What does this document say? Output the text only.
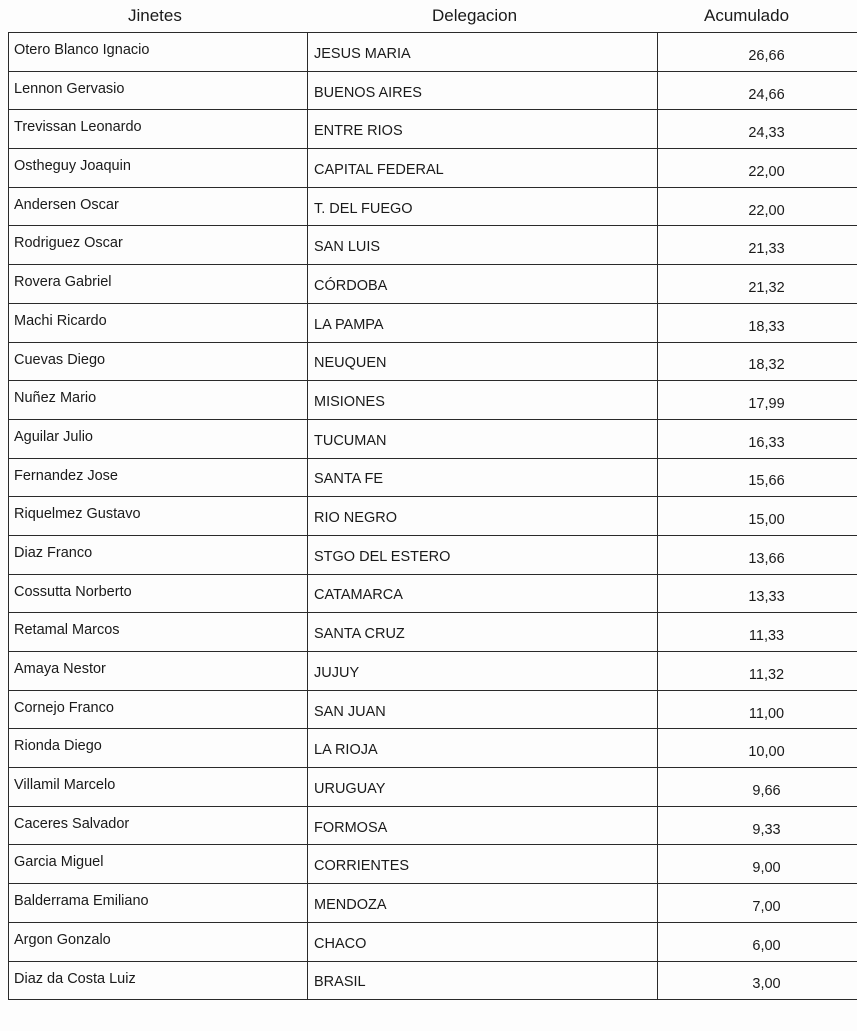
Jinetes	Delegacion	Acumulado
Otero Blanco Ignacio	JESUS MARIA	26,66
Lennon Gervasio	BUENOS AIRES	24,66
Trevissan Leonardo	ENTRE RIOS	24,33
Ostheguy Joaquin	CAPITAL FEDERAL	22,00
Andersen Oscar	T. DEL FUEGO	22,00
Rodriguez Oscar	SAN LUIS	21,33
Rovera Gabriel	CÓRDOBA	21,32
Machi Ricardo	LA PAMPA	18,33
Cuevas Diego	NEUQUEN	18,32
Nuñez Mario	MISIONES	17,99
Aguilar Julio	TUCUMAN	16,33
Fernandez Jose	SANTA FE	15,66
Riquelmez Gustavo	RIO NEGRO	15,00
Diaz Franco	STGO DEL ESTERO	13,66
Cossutta Norberto	CATAMARCA	13,33
Retamal Marcos	SANTA CRUZ	11,33
Amaya Nestor	JUJUY	11,32
Cornejo Franco	SAN JUAN	11,00
Rionda Diego	LA RIOJA	10,00
Villamil Marcelo	URUGUAY	9,66
Caceres Salvador	FORMOSA	9,33
Garcia Miguel	CORRIENTES	9,00
Balderrama Emiliano	MENDOZA	7,00
Argon Gonzalo	CHACO	6,00
Diaz da Costa Luiz	BRASIL	3,00
